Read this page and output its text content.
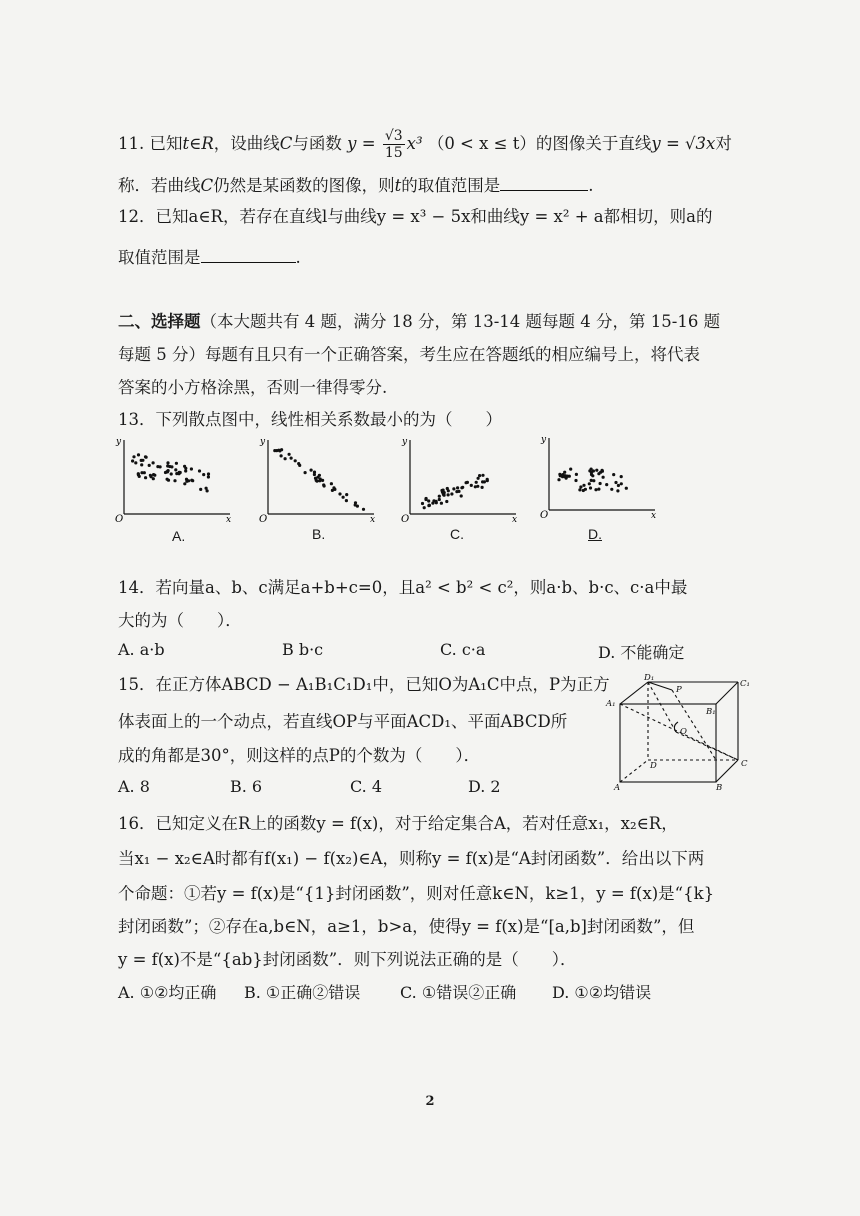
11. 已知t∈R，设曲线C与函数 $y = \frac{√3}{15} x^3$ （0 < x ≤ t）的图像关于直线y = √3x对
称．若曲线C仍然是某函数的图像，则t的取值范围是	.
12．已知a∈R，若存在直线l与曲线y = x³ − 5x和曲线y = x² + a都相切，则a的
取值范围是	.
二、选择题（本大题共有 4 题，满分 18 分，第 13-14 题每题 4 分，第 15-16 题
每题 5 分）每题有且只有一个正确答案，考生应在答题纸的相应编号上，将代表
答案的小方格涂黑，否则一律得零分.
13．下列散点图中，线性相关系数最小的为（　　）
y
O	x
y
O	x
y
O	x
y
O	x
A.	B.	C.	D.
14．若向量a、b、c满足a+b+c=0，且a² < b² < c²，则a·b、b·c、c·a中最
大的为（　　）．
A. a·b	B b·c	C. c·a	D. 不能确定
15．在正方体ABCD − A₁B₁C₁D₁中，已知O为A₁C中点，P为正方
体表面上的一个动点，若直线OP与平面ACD₁、平面ABCD所
成的角都是30°，则这样的点P的个数为（　　）．
A. 8	B. 6	C. 4	D. 2
D₁
C₁
A₁
B₁
P
O
D	C
A	B
16．已知定义在R上的函数y = f(x)，对于给定集合A，若对任意x₁，x₂∈R，
当x₁ − x₂∈A时都有f(x₁) − f(x₂)∈A，则称y = f(x)是“A封闭函数”．给出以下两
个命题：①若y = f(x)是“{1}封闭函数”，则对任意k∈N，k≥1，y = f(x)是“{k}
封闭函数”；②存在a,b∈N，a≥1，b>a，使得y = f(x)是“[a,b]封闭函数”，但
y = f(x)不是“{ab}封闭函数”．则下列说法正确的是（　　）．
A. ①②均正确 B. ①正确②错误 C. ①错误②正确 D. ①②均错误
2
